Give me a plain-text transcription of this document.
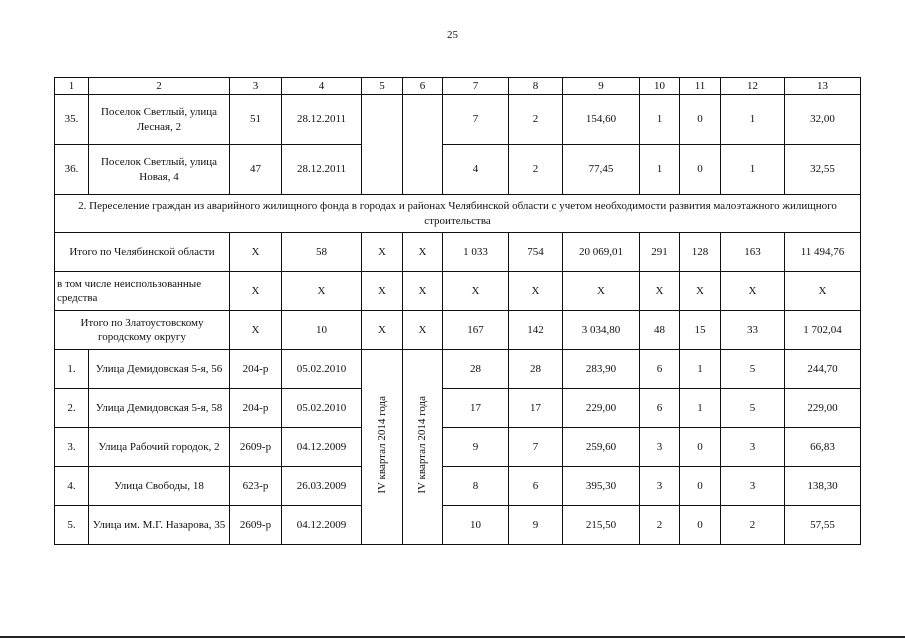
25
1	2	3	4	5	6	7	8	9	10	11	12	13
35.	Поселок Светлый, улица Лесная, 2	51	28.12.2011			7	2	154,60	1	0	1	32,00
36.	Поселок Светлый, улица Новая, 4	47	28.12.2011			4	2	77,45	1	0	1	32,55
2. Переселение граждан из аварийного жилищного фонда в городах и районах Челябинской области с учетом необходимости развития малоэтажного жилищного строительства												
Итого по Челябинской области		X	58	X	X	1 033	754	20 069,01	291	128	163	11 494,76
в том числе неиспользованные средства		X	X	X	X	X	X	X	X	X	X	X
Итого по Златоустовскому городскому округу		X	10	X	X	167	142	3 034,80	48	15	33	1 702,04
1.	Улица Демидовская 5-я, 56	204-р	05.02.2010	IV квартал 2014 года	IV квартал 2014 года	28	28	283,90	6	1	5	244,70
2.	Улица Демидовская 5-я, 58	204-р	05.02.2010			17	17	229,00	6	1	5	229,00
3.	Улица Рабочий городок, 2	2609-р	04.12.2009			9	7	259,60	3	0	3	66,83
4.	Улица Свободы, 18	623-р	26.03.2009			8	6	395,30	3	0	3	138,30
5.	Улица им. М.Г. Назарова, 35	2609-р	04.12.2009			10	9	215,50	2	0	2	57,55
